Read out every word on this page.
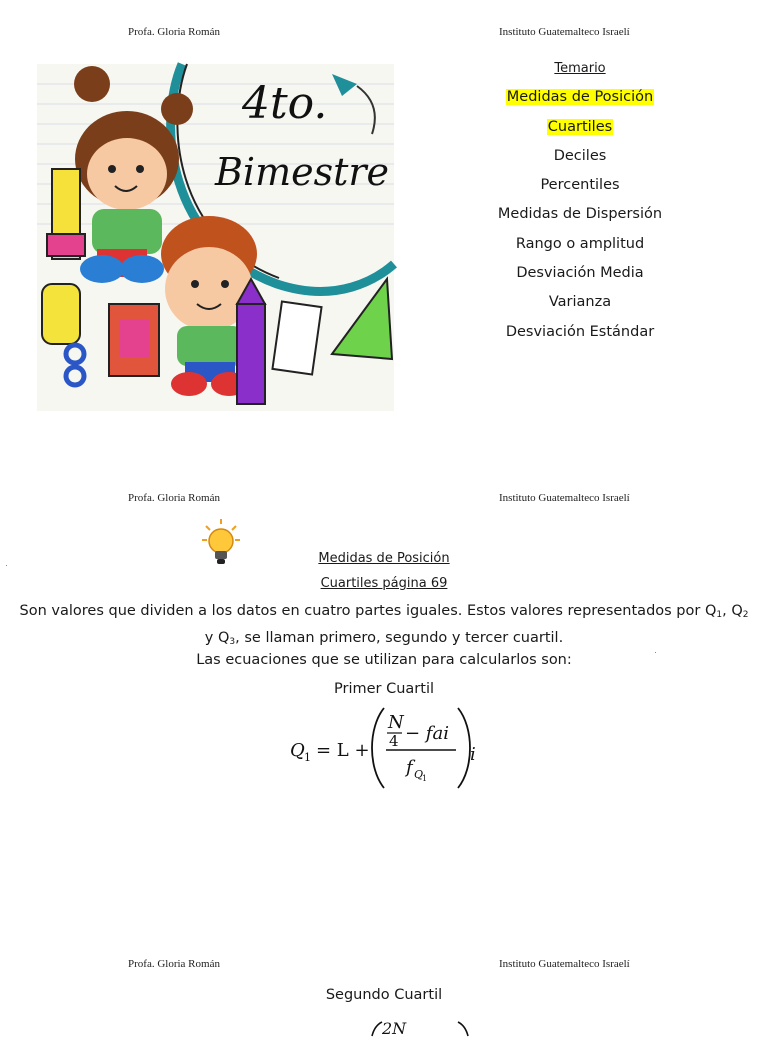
Profa. Gloria Román	Instituto Guatemalteco Israelí
4to.
Bimestre
Temario
Medidas de Posición
Cuartiles
Deciles
Percentiles
Medidas de Dispersión
Rango o amplitud
Desviación Media
Varianza
Desviación Estándar
Profa. Gloria Román	Instituto Guatemalteco Israelí
Medidas de Posición
Cuartiles página 69
Son valores que dividen a los datos en cuatro partes iguales. Estos valores representados por $Q_1$, $Q_2$ y $Q_3$, se llaman primero, segundo y tercer cuartil.
Las ecuaciones que se utilizan para calcularlos son:
Primer Cuartil
Q 1 = L +
N
4 − fai
f Q
1
i
Profa. Gloria Román	Instituto Guatemalteco Israelí
Segundo Cuartil
2N
